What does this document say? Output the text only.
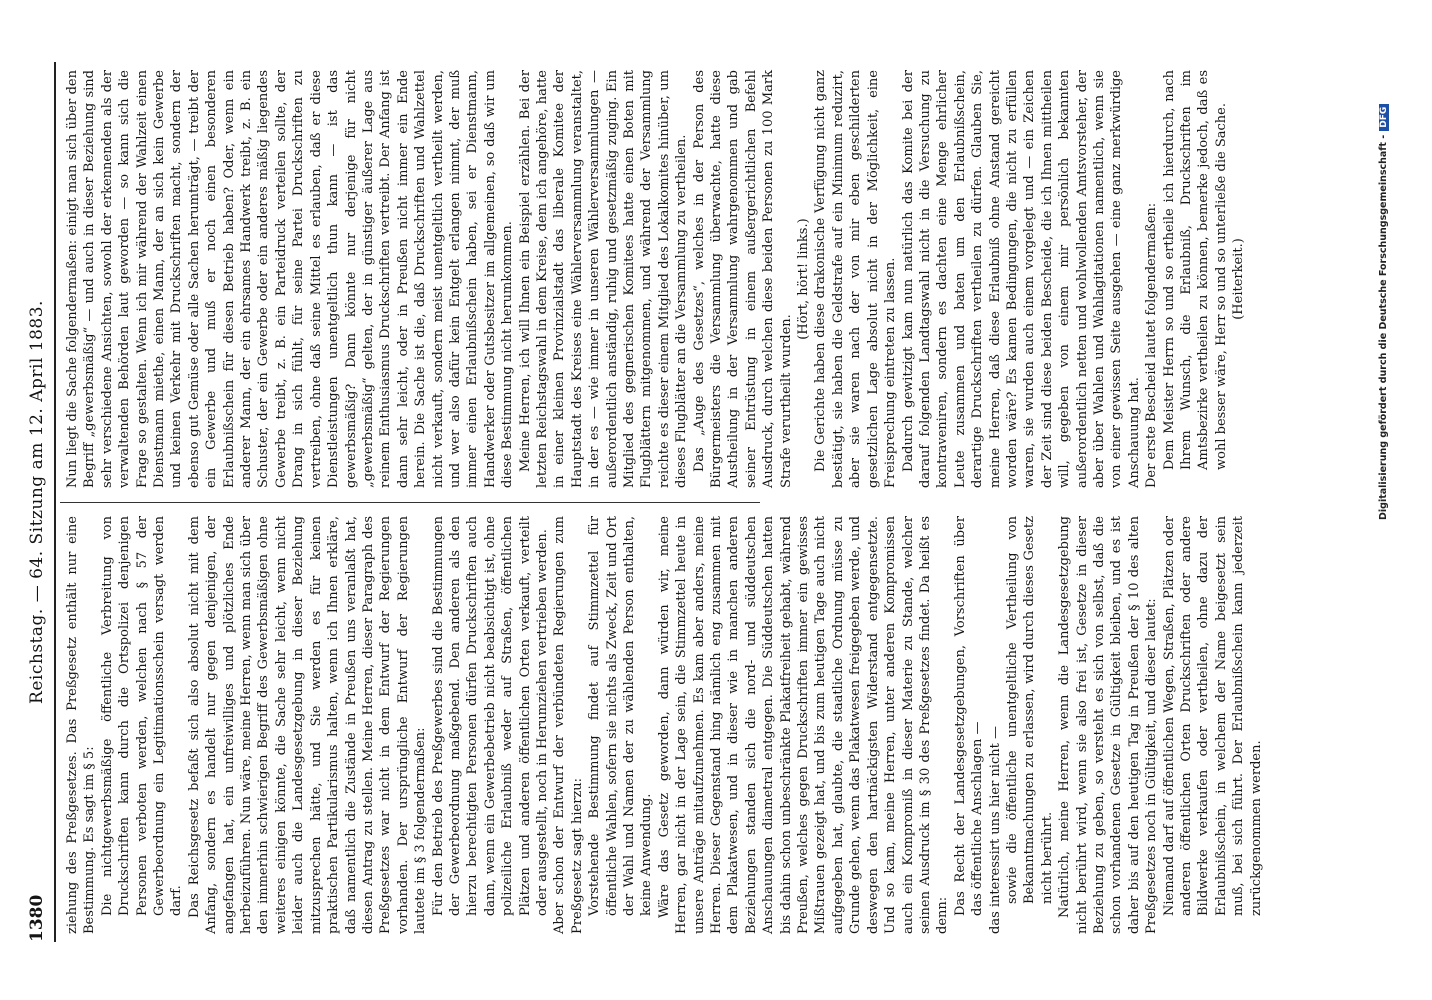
1380
Reichstag. — 64. Sitzung am 12. April 1883.

ziehung des Preßgesetzes. Das Preßgesetz enthält nur eine Bestimmung. Es sagt im § 5: Die nichtgewerbsmäßige öffentliche Verbreitung von Druckschriften kann durch die Ortspolizei denjenigen Personen verboten werden, welchen nach § 57 der Gewerbeordnung ein Legitimationsschein versagt werden darf. Das Reichsgesetz befaßt sich also absolut nicht mit dem Anfang, sondern es handelt nur gegen denjenigen, der angefangen hat, ein unfreiwilliges und plötzliches Ende herbeizuführen. Nun wäre, meine Herren, wenn man sich über den immerhin schwierigen Begriff des Gewerbsmäßigen ohne weiteres einigen könnte, die Sache sehr leicht, wenn nicht leider auch die Landesgesetzgebung in dieser Beziehung mitzusprechen hätte, und Sie werden es für keinen praktischen Partikularismus halten, wenn ich Ihnen erkläre, daß namentlich die Zustände in Preußen uns veranlaßt hat, diesen Antrag zu stellen. Meine Herren, dieser Paragraph des Preßgesetzes war nicht in dem Entwurf der Regierungen vorhanden. Der ursprüngliche Entwurf der Regierungen lautete im § 3 folgendermaßen: Für den Betrieb des Preßgewerbes sind die Bestimmungen der Gewerbeordnung maßgebend. Den anderen als den hierzu berechtigten Personen dürfen Druckschriften auch dann, wenn ein Gewerbebetrieb nicht beabsichtigt ist, ohne polizeiliche Erlaubniß weder auf Straßen, öffentlichen Plätzen und anderen öffentlichen Orten verkauft, verteilt oder ausgestellt, noch in Herumziehen vertrieben werden. Aber schon der Entwurf der verbündeten Regierungen zum Preßgesetz sagt hierzu: Vorstehende Bestimmung findet auf Stimmzettel für öffentliche Wahlen, sofern sie nichts als Zweck, Zeit und Ort der Wahl und Namen der zu wählenden Person enthalten, keine Anwendung. Wäre das Gesetz geworden, dann würden wir, meine Herren, gar nicht in der Lage sein, die Stimmzettel heute in unsere Anträge mitaufzunehmen. Es kam aber anders, meine Herren. Dieser Gegenstand hing nämlich eng zusammen mit dem Plakatwesen, und in dieser wie in manchen anderen Beziehungen standen sich die nord- und süddeutschen Anschauungen diametral entgegen. Die Süddeutschen hatten bis dahin schon unbeschränkte Plakatfreiheit gehabt, während Preußen, welches gegen Druckschriften immer ein gewisses Mißtrauen gezeigt hat, und bis zum heutigen Tage auch nicht aufgegeben hat, glaubte, die staatliche Ordnung müsse zu Grunde gehen, wenn das Plakatwesen freigegeben werde, und deswegen den hartnäckigsten Widerstand entgegensetzte. Und so kam, meine Herren, unter anderen Kompromissen auch ein Kompromiß in dieser Materie zu Stande, welcher seinen Ausdruck im § 30 des Preßgesetzes findet. Da heißt es denn: Das Recht der Landesgesetzgebungen, Vorschriften über das öffentliche Anschlagen — das interessirt uns hier nicht — sowie die öffentliche unentgeltliche Vertheilung von Bekanntmachungen zu erlassen, wird durch dieses Gesetz nicht berührt. Natürlich, meine Herren, wenn die Landesgesetzgebung nicht berührt wird, wenn sie also frei ist, Gesetze in dieser Beziehung zu geben, so versteht es sich von selbst, daß die schon vorhandenen Gesetze in Gültigkeit bleiben, und es ist daher bis auf den heutigen Tag in Preußen der § 10 des alten Preßgesetzes noch in Gültigkeit, und dieser lautet: Niemand darf auf öffentlichen Wegen, Straßen, Plätzen oder anderen öffentlichen Orten Druckschriften oder andere Bildwerke verkaufen oder vertheilen, ohne dazu der Erlaubnißschein, in welchem der Name beigesetzt sein muß, bei sich führt. Der Erlaubnißschein kann jederzeit zurückgenommen werden.

Nun liegt die Sache folgendermaßen: einigt man sich über den Begriff „gewerbsmäßig“ — und auch in dieser Beziehung sind sehr verschiedene Ansichten, sowohl der erkennenden als der verwaltenden Behörden laut geworden — so kann sich die Frage so gestalten. Wenn ich mir während der Wahlzeit einen Dienstmann miethe, einen Mann, der an sich kein Gewerbe und keinen Verkehr mit Druckschriften macht, sondern der ebenso gut Gemüse oder alle Sachen herumträgt, — treibt der ein Gewerbe und muß er noch einen besonderen Erlaubnißschein für diesen Betrieb haben? Oder, wenn ein anderer Mann, der ein ehrsames Handwerk treibt, z. B. ein Schuster, der ein Gewerbe oder ein anderes mäßig liegendes Gewerbe treibt, z. B. ein Parteidruck verteilen sollte, der Drang in sich fühlt, für seine Partei Druckschriften zu vertreiben, ohne daß seine Mittel es erlauben, daß er diese Dienstleistungen unentgeltlich thun kann — ist das gewerbsmäßig? Dann könnte nur derjenige für nicht „gewerbsmäßig“ gelten, der in günstiger äußerer Lage aus reinem Enthusiasmus Druckschriften vertreibt. Der Anfang ist dann sehr leicht, oder in Preußen nicht immer ein Ende herein. Die Sache ist die, daß Druckschriften und Wahlzettel nicht verkauft, sondern meist unentgeltlich vertheilt werden, und wer also dafür kein Entgelt erlangen nimmt, der muß immer einen Erlaubnißschein haben, sei er Dienstmann, Handwerker oder Gutsbesitzer im allgemeinen, so daß wir um diese Bestimmung nicht herumkommen. Meine Herren, ich will Ihnen ein Beispiel erzählen. Bei der letzten Reichstagswahl in dem Kreise, dem ich angehöre, hatte in einer kleinen Provinzialstadt das liberale Komitee der Hauptstadt des Kreises eine Wählerversammlung veranstaltet, in der es — wie immer in unseren Wählerversammlungen — außerordentlich anständig, ruhig und gesetzmäßig zuging. Ein Mitglied des gegnerischen Komitees hatte einen Boten mit Flugblättern mitgenommen, und während der Versammlung reichte es dieser einem Mitglied des Lokalkomites hinüber, um dieses Flugblätter an die Versammlung zu vertheilen. Das „Auge des Gesetzes“, welches in der Person des Bürgermeisters die Versammlung überwachte, hatte diese Austheilung in der Versammlung wahrgenommen und gab seiner Entrüstung in einem außergerichtlichen Befehl Ausdruck, durch welchen diese beiden Personen zu 100 Mark Strafe verurtheilt wurden.

(Hört, hört! links.) Die Gerichte haben diese drakonische Verfügung nicht ganz bestätigt, sie haben die Geldstrafe auf ein Minimum reduzirt, aber sie waren nach der von mir eben geschilderten gesetzlichen Lage absolut nicht in der Möglichkeit, eine Freisprechung eintreten zu lassen. Dadurch gewitzigt kam nun natürlich das Komite bei der darauf folgenden Landtagswahl nicht in die Versuchung zu kontraveniren, sondern es dachten eine Menge ehrlicher Leute zusammen und baten um den Erlaubnißschein, derartige Druckschriften vertheilen zu dürfen. Glauben Sie, meine Herren, daß diese Erlaubniß ohne Anstand gereicht worden wäre? Es kamen Bedingungen, die nicht zu erfüllen waren, sie wurden auch einem vorgelegt und — ein Zeichen der Zeit sind diese beiden Bescheide, die ich Ihnen mittheilen will, gegeben von einem mir persönlich bekannten außerordentlich netten und wohlwollenden Amtsvorsteher, der aber über Wahlen und Wahlagitationen namentlich, wenn sie von einer gewissen Seite ausgehen — eine ganz merkwürdige Anschauung hat. Der erste Bescheid lautet folgendermaßen: Dem Meister Herrn so und so ertheile ich hierdurch, nach Ihrem Wunsch, die Erlaubniß, Druckschriften im Amtsbezirke vertheilen zu können, bemerke jedoch, daß es wohl besser wäre, Herr so und so unterließe die Sache. (Heiterkeit.)	Digitalisierung gefördert durch die Deutsche Forschungsgemeinschaft -DFG
